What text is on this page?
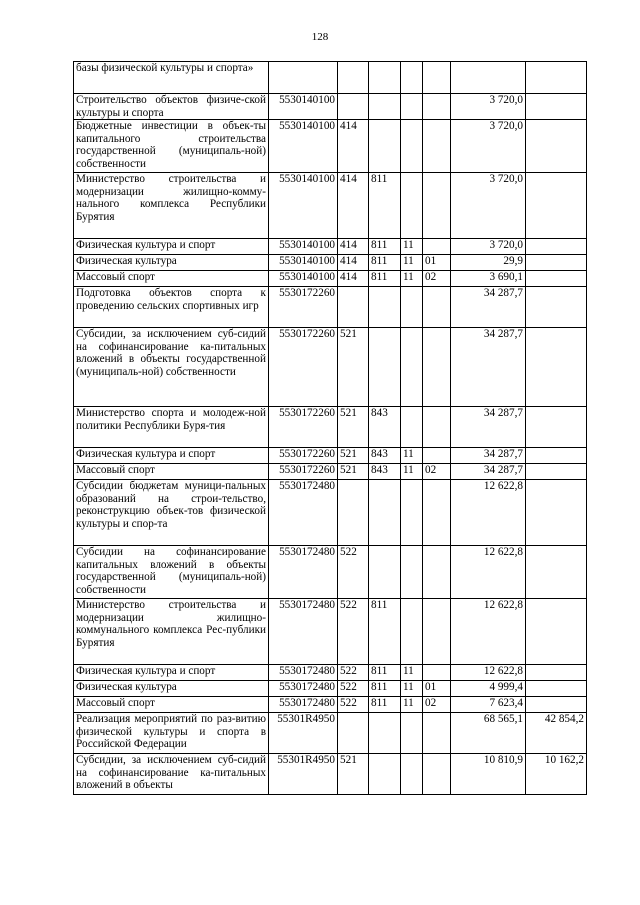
128
базы физической культуры и спорта»							
Строительство объектов физиче-ской культуры и спорта	5530140100					3 720,0	
Бюджетные инвестиции в объек-ты капитального строительства государственной (муниципаль-ной) собственности	5530140100	414				3 720,0	
Министерство строительства и модернизации жилищно-комму-нального комплекса Республики Бурятия	5530140100	414	811			3 720,0	
Физическая культура и спорт	5530140100	414	811	11		3 720,0	
Физическая культура	5530140100	414	811	11	01	29,9	
Массовый спорт	5530140100	414	811	11	02	3 690,1	
Подготовка объектов спорта к проведению сельских спортивных игр	5530172260					34 287,7	
Субсидии, за исключением суб-сидий на софинансирование ка-питальных вложений в объекты государственной (муниципаль-ной) собственности	5530172260	521				34 287,7	
Министерство спорта и молодеж-ной политики Республики Буря-тия	5530172260	521	843			34 287,7	
Физическая культура и спорт	5530172260	521	843	11		34 287,7	
Массовый спорт	5530172260	521	843	11	02	34 287,7	
Субсидии бюджетам муници-пальных образований на строи-тельство, реконструкцию объек-тов физической культуры и спор-та	5530172480					12 622,8	
Субсидии на софинансирование капитальных вложений в объекты государственной (муниципаль-ной) собственности	5530172480	522				12 622,8	
Министерство строительства и модернизации жилищно-коммунального комплекса Рес-публики Бурятия	5530172480	522	811			12 622,8	
Физическая культура и спорт	5530172480	522	811	11		12 622,8	
Физическая культура	5530172480	522	811	11	01	4 999,4	
Массовый спорт	5530172480	522	811	11	02	7 623,4	
Реализация мероприятий по раз-витию физической культуры и спорта в Российской Федерации	55301R4950					68 565,1	42 854,2
Субсидии, за исключением суб-сидий на софинансирование ка-питальных вложений в объекты	55301R4950	521				10 810,9	10 162,2
